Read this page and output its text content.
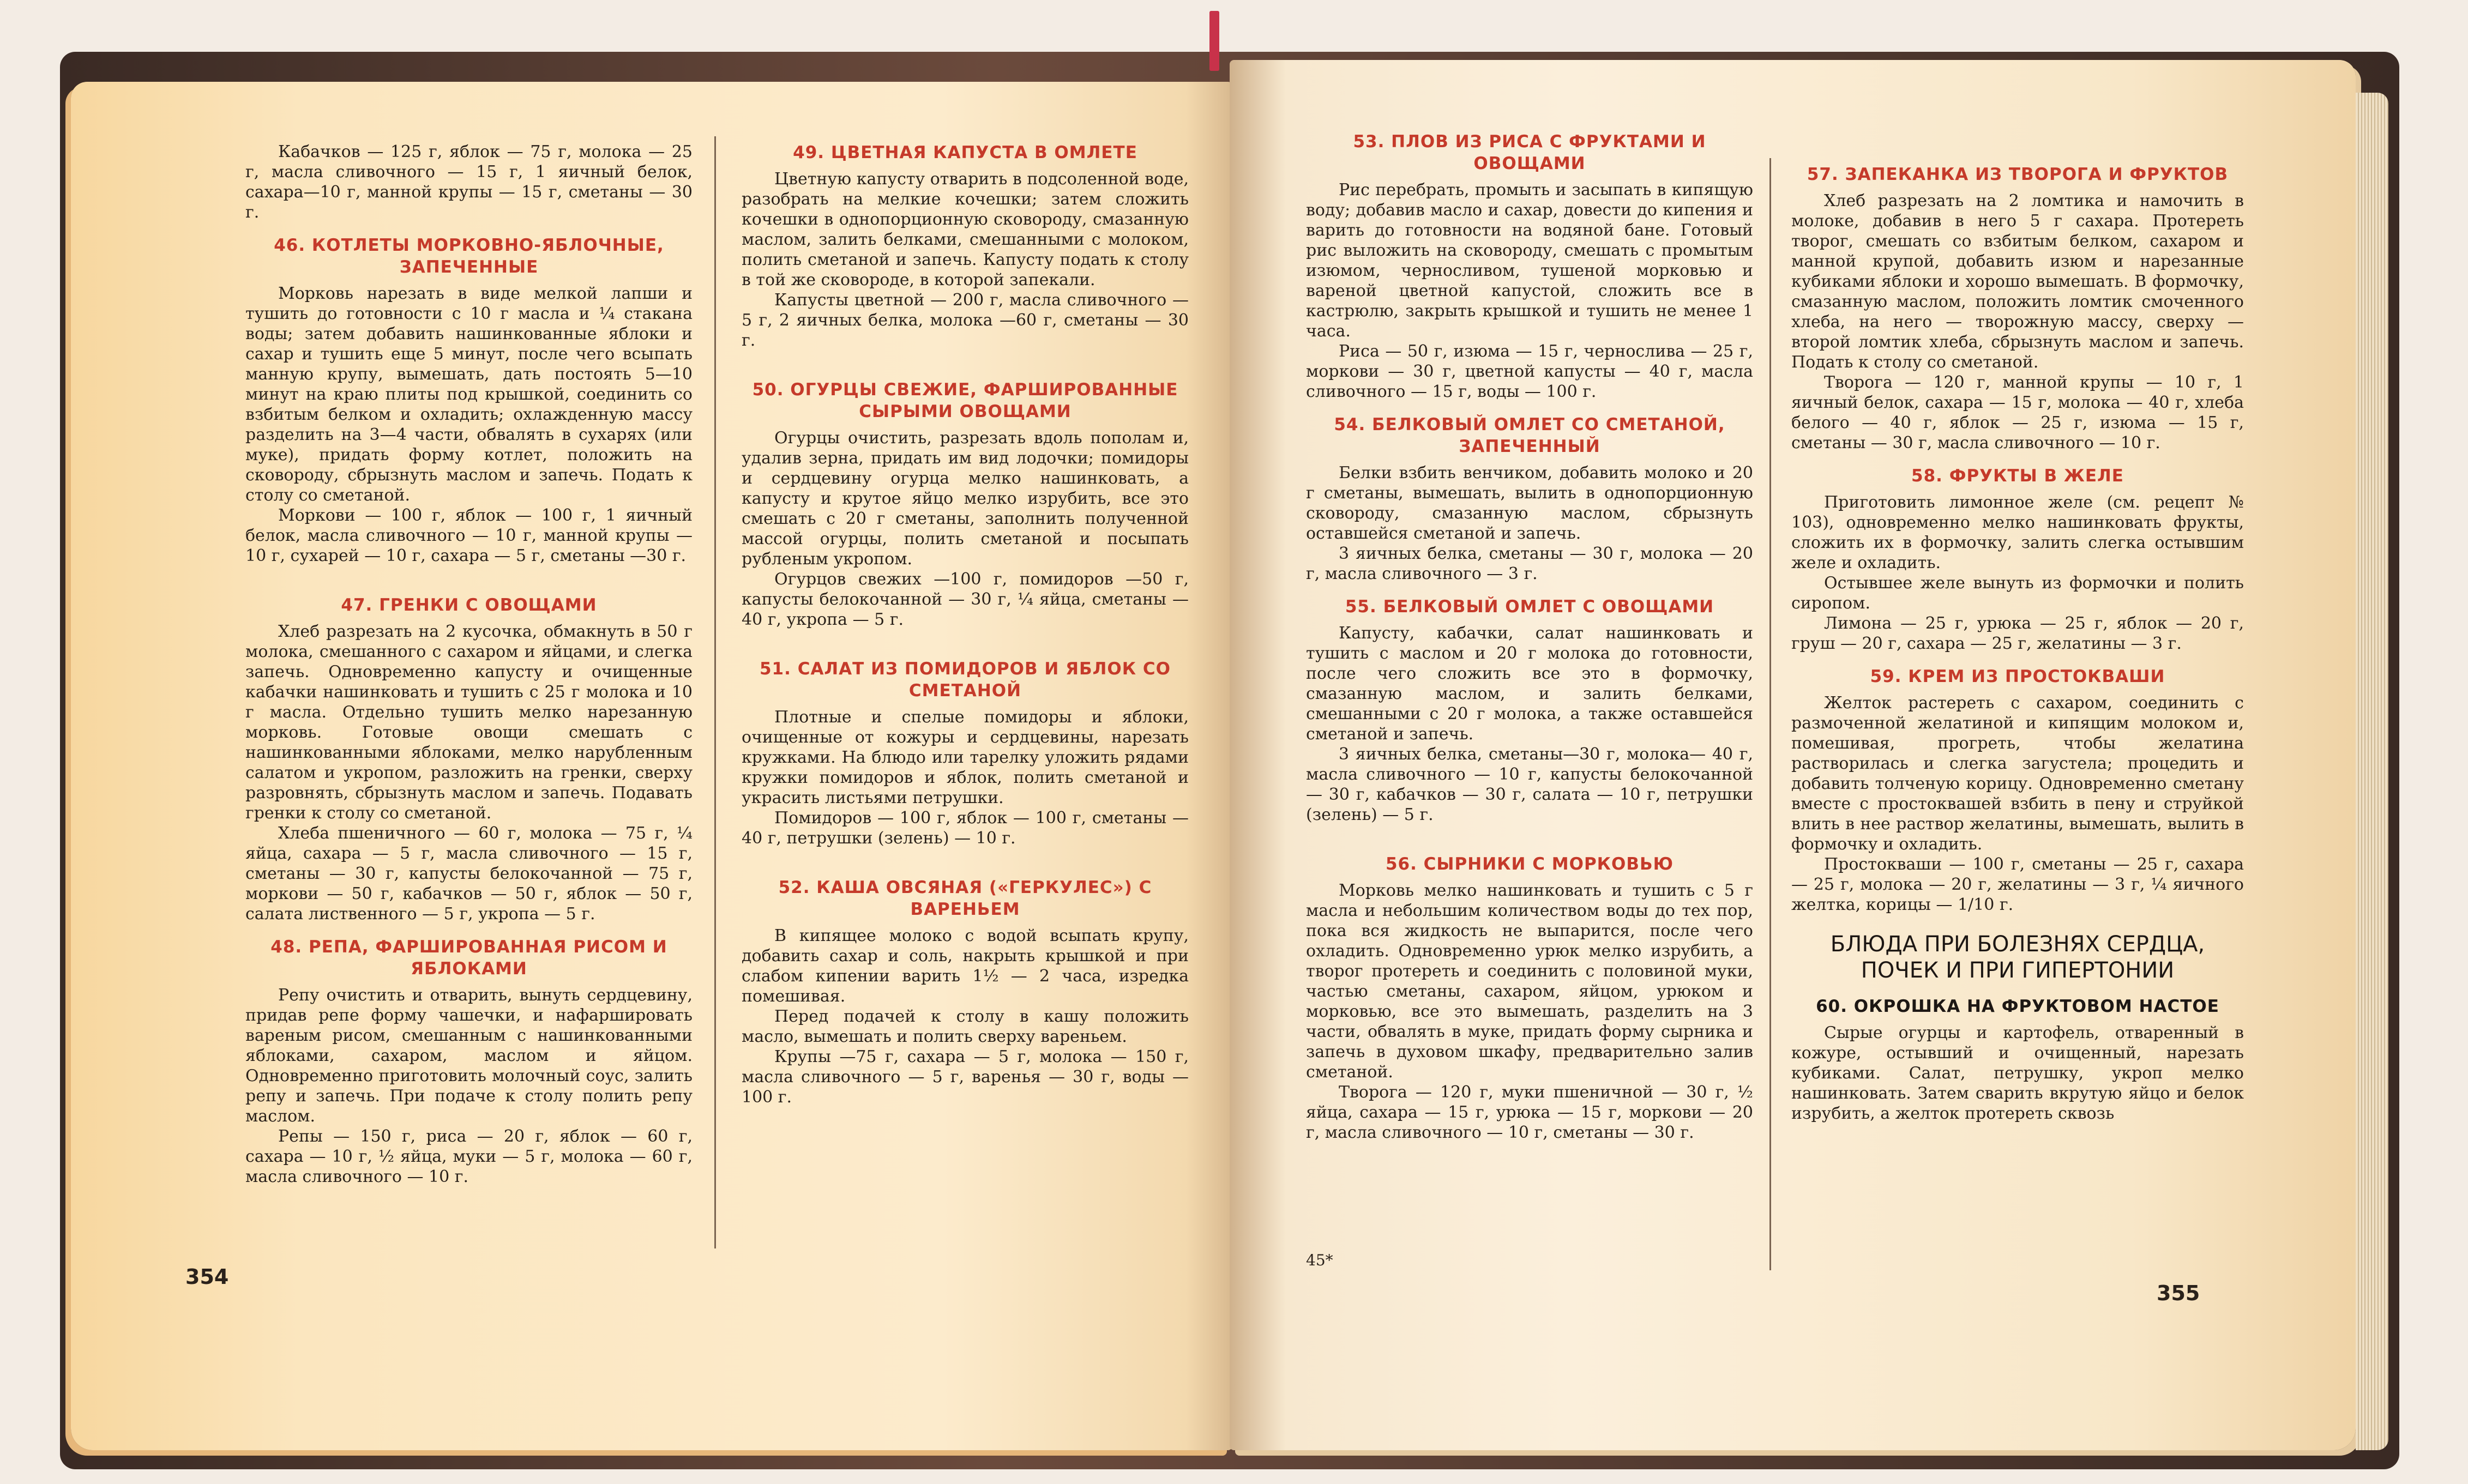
Кабачков — 125 г, яблок — 75 г, молока — 25 г, масла сливочного — 15 г, 1 яичный белок, сахара—10 г, манной крупы — 15 г, сметаны — 30 г.

46. КОТЛЕТЫ МОРКОВНО-ЯБЛОЧНЫЕ, ЗАПЕЧЕННЫЕ

Морковь нарезать в виде мелкой лапши и тушить до готовности с 10 г масла и ¼ стакана воды; затем добавить нашинкованные яблоки и сахар и тушить еще 5 минут, после чего всыпать манную крупу, вымешать, дать постоять 5—10 минут на краю плиты под крышкой, соединить со взбитым белком и охладить; охлажденную массу разделить на 3—4 части, обвалять в сухарях (или муке), придать форму котлет, положить на сковороду, сбрызнуть маслом и запечь. Подать к столу со сметаной.

Моркови — 100 г, яблок — 100 г, 1 яичный белок, масла сливочного — 10 г, манной крупы — 10 г, сухарей — 10 г, сахара — 5 г, сметаны —30 г.

47. ГРЕНКИ С ОВОЩАМИ

Хлеб разрезать на 2 кусочка, обмакнуть в 50 г молока, смешанного с сахаром и яйцами, и слегка запечь. Одновременно капусту и очищенные кабачки нашинковать и тушить с 25 г молока и 10 г масла. Отдельно тушить мелко нарезанную морковь. Готовые овощи смешать с нашинкованными яблоками, мелко нарубленным салатом и укропом, разложить на гренки, сверху разровнять, сбрызнуть маслом и запечь. Подавать гренки к столу со сметаной.

Хлеба пшеничного — 60 г, молока — 75 г, ¼ яйца, сахара — 5 г, масла сливочного — 15 г, сметаны — 30 г, капусты белокочанной — 75 г, моркови — 50 г, кабачков — 50 г, яблок — 50 г, салата лиственного — 5 г, укропа — 5 г.

48. РЕПА, ФАРШИРОВАННАЯ РИСОМ И ЯБЛОКАМИ

Репу очистить и отварить, вынуть сердцевину, придав репе форму чашечки, и нафаршировать вареным рисом, смешанным с нашинкованными яблоками, сахаром, маслом и яйцом. Одновременно приготовить молочный соус, залить репу и запечь. При подаче к столу полить репу маслом.

Репы — 150 г, риса — 20 г, яблок — 60 г, сахара — 10 г, ½ яйца, муки — 5 г, молока — 60 г, масла сливочного — 10 г.

49. ЦВЕТНАЯ КАПУСТА В ОМЛЕТЕ

Цветную капусту отварить в подсоленной воде, разобрать на мелкие кочешки; затем сложить кочешки в однопорционную сковороду, смазанную маслом, залить белками, смешанными с молоком, полить сметаной и запечь. Капусту подать к столу в той же сковороде, в которой запекали.

Капусты цветной — 200 г, масла сливочного — 5 г, 2 яичных белка, молока —60 г, сметаны — 30 г.

50. ОГУРЦЫ СВЕЖИЕ, ФАРШИРОВАННЫЕ СЫРЫМИ ОВОЩАМИ

Огурцы очистить, разрезать вдоль пополам и, удалив зерна, придать им вид лодочки; помидоры и сердцевину огурца мелко нашинковать, а капусту и крутое яйцо мелко изрубить, все это смешать с 20 г сметаны, заполнить полученной массой огурцы, полить сметаной и посыпать рубленым укропом.

Огурцов свежих —100 г, помидоров —50 г, капусты белокочанной — 30 г, ¼ яйца, сметаны — 40 г, укропа — 5 г.

51. САЛАТ ИЗ ПОМИДОРОВ И ЯБЛОК СО СМЕТАНОЙ

Плотные и спелые помидоры и яблоки, очищенные от кожуры и сердцевины, нарезать кружками. На блюдо или тарелку уложить рядами кружки помидоров и яблок, полить сметаной и украсить листьями петрушки.

Помидоров — 100 г, яблок — 100 г, сметаны — 40 г, петрушки (зелень) — 10 г.

52. КАША ОВСЯНАЯ («ГЕРКУЛЕС») С ВАРЕНЬЕМ

В кипящее молоко с водой всыпать крупу, добавить сахар и соль, накрыть крышкой и при слабом кипении варить 1½ — 2 часа, изредка помешивая.

Перед подачей к столу в кашу положить масло, вымешать и полить сверху вареньем.

Крупы —75 г, сахара — 5 г, молока — 150 г, масла сливочного — 5 г, варенья — 30 г, воды — 100 г.

354
53. ПЛОВ ИЗ РИСА С ФРУКТАМИ И ОВОЩАМИ

Рис перебрать, промыть и засыпать в кипящую воду; добавив масло и сахар, довести до кипения и варить до готовности на водяной бане. Готовый рис выложить на сковороду, смешать с промытым изюмом, черносливом, тушеной морковью и вареной цветной капустой, сложить все в кастрюлю, закрыть крышкой и тушить не менее 1 часа.

Риса — 50 г, изюма — 15 г, чернослива — 25 г, моркови — 30 г, цветной капусты — 40 г, масла сливочного — 15 г, воды — 100 г.

54. БЕЛКОВЫЙ ОМЛЕТ СО СМЕТАНОЙ, ЗАПЕЧЕННЫЙ

Белки взбить венчиком, добавить молоко и 20 г сметаны, вымешать, вылить в однопорционную сковороду, смазанную маслом, сбрызнуть оставшейся сметаной и запечь.

3 яичных белка, сметаны — 30 г, молока — 20 г, масла сливочного — 3 г.

55. БЕЛКОВЫЙ ОМЛЕТ С ОВОЩАМИ

Капусту, кабачки, салат нашинковать и тушить с маслом и 20 г молока до готовности, после чего сложить все это в формочку, смазанную маслом, и залить белками, смешанными с 20 г молока, а также оставшейся сметаной и запечь.

3 яичных белка, сметаны—30 г, молока— 40 г, масла сливочного — 10 г, капусты белокочанной — 30 г, кабачков — 30 г, салата — 10 г, петрушки (зелень) — 5 г.

56. СЫРНИКИ С МОРКОВЬЮ

Морковь мелко нашинковать и тушить с 5 г масла и небольшим количеством воды до тех пор, пока вся жидкость не выпарится, после чего охладить. Одновременно урюк мелко изрубить, а творог протереть и соединить с половиной муки, частью сметаны, сахаром, яйцом, урюком и морковью, все это вымешать, разделить на 3 части, обвалять в муке, придать форму сырника и запечь в духовом шкафу, предварительно залив сметаной.

Творога — 120 г, муки пшеничной — 30 г, ½ яйца, сахара — 15 г, урюка — 15 г, моркови — 20 г, масла сливочного — 10 г, сметаны — 30 г.

57. ЗАПЕКАНКА ИЗ ТВОРОГА И ФРУКТОВ

Хлеб разрезать на 2 ломтика и намочить в молоке, добавив в него 5 г сахара. Протереть творог, смешать со взбитым белком, сахаром и манной крупой, добавить изюм и нарезанные кубиками яблоки и хорошо вымешать. В формочку, смазанную маслом, положить ломтик смоченного хлеба, на него — творожную массу, сверху — второй ломтик хлеба, сбрызнуть маслом и запечь. Подать к столу со сметаной.

Творога — 120 г, манной крупы — 10 г, 1 яичный белок, сахара — 15 г, молока — 40 г, хлеба белого — 40 г, яблок — 25 г, изюма — 15 г, сметаны — 30 г, масла сливочного — 10 г.

58. ФРУКТЫ В ЖЕЛЕ

Приготовить лимонное желе (см. рецепт № 103), одновременно мелко нашинковать фрукты, сложить их в формочку, залить слегка остывшим желе и охладить.

Остывшее желе вынуть из формочки и полить сиропом.

Лимона — 25 г, урюка — 25 г, яблок — 20 г, груш — 20 г, сахара — 25 г, желатины — 3 г.

59. КРЕМ ИЗ ПРОСТОКВАШИ

Желток растереть с сахаром, соединить с размоченной желатиной и кипящим молоком и, помешивая, прогреть, чтобы желатина растворилась и слегка загустела; процедить и добавить толченую корицу. Одновременно сметану вместе с простоквашей взбить в пену и струйкой влить в нее раствор желатины, вымешать, вылить в формочку и охладить.

Простокваши — 100 г, сметаны — 25 г, сахара — 25 г, молока — 20 г, желатины — 3 г, ¼ яичного желтка, корицы — 1/10 г.

БЛЮДА ПРИ БОЛЕЗНЯХ СЕРДЦА, ПОЧЕК И ПРИ ГИПЕРТОНИИ
60. ОКРОШКА НА ФРУКТОВОМ НАСТОЕ

Сырые огурцы и картофель, отваренный в кожуре, остывший и очищенный, нарезать кубиками. Салат, петрушку, укроп мелко нашинковать. Затем сварить вкрутую яйцо и белок изрубить, а желток протереть сквозь

45*
355
